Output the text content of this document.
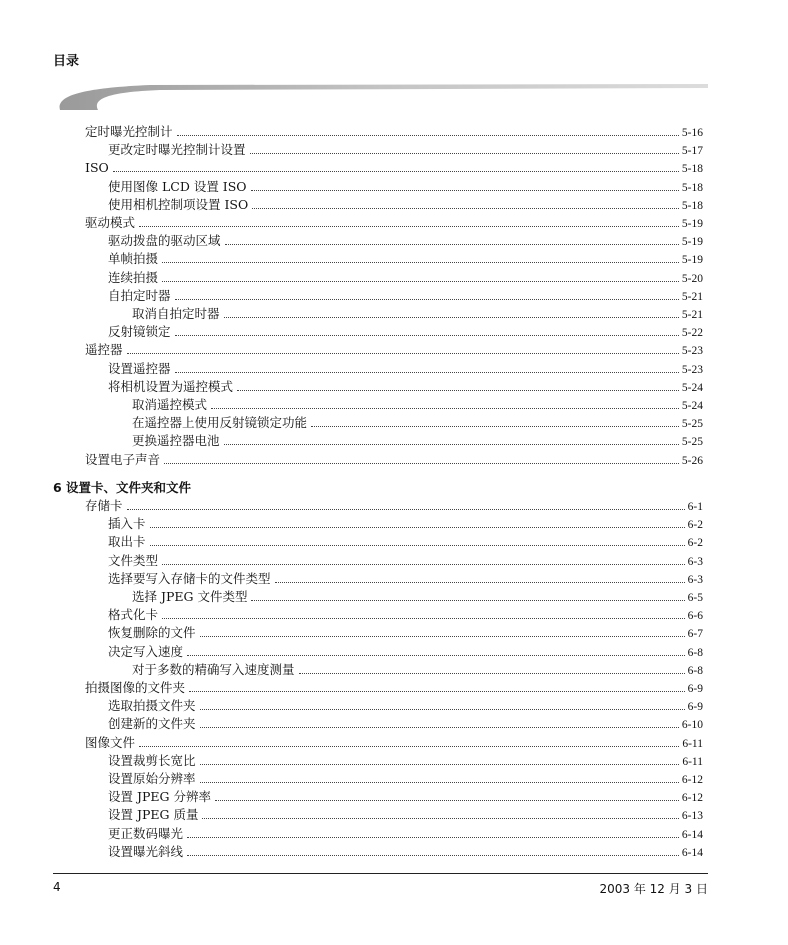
目录
定时曝光控制计	5-16
更改定时曝光控制计设置	5-17
ISO	5-18
使用图像 LCD 设置 ISO	5-18
使用相机控制项设置 ISO	5-18
驱动模式	5-19
驱动拨盘的驱动区域	5-19
单帧拍摄	5-19
连续拍摄	5-20
自拍定时器	5-21
取消自拍定时器	5-21
反射镜锁定	5-22
遥控器	5-23
设置遥控器	5-23
将相机设置为遥控模式	5-24
取消遥控模式	5-24
在遥控器上使用反射镜锁定功能	5-25
更换遥控器电池	5-25
设置电子声音	5-26
6 设置卡、文件夹和文件
存储卡	6-1
插入卡	6-2
取出卡	6-2
文件类型	6-3
选择要写入存储卡的文件类型	6-3
选择 JPEG 文件类型	6-5
格式化卡	6-6
恢复删除的文件	6-7
决定写入速度	6-8
对于多数的精确写入速度测量	6-8
拍摄图像的文件夹	6-9
选取拍摄文件夹	6-9
创建新的文件夹	6-10
图像文件	6-11
设置裁剪长宽比	6-11
设置原始分辨率	6-12
设置 JPEG 分辨率	6-12
设置 JPEG 质量	6-13
更正数码曝光	6-14
设置曝光斜线	6-14
4	2003 年 12 月 3 日
